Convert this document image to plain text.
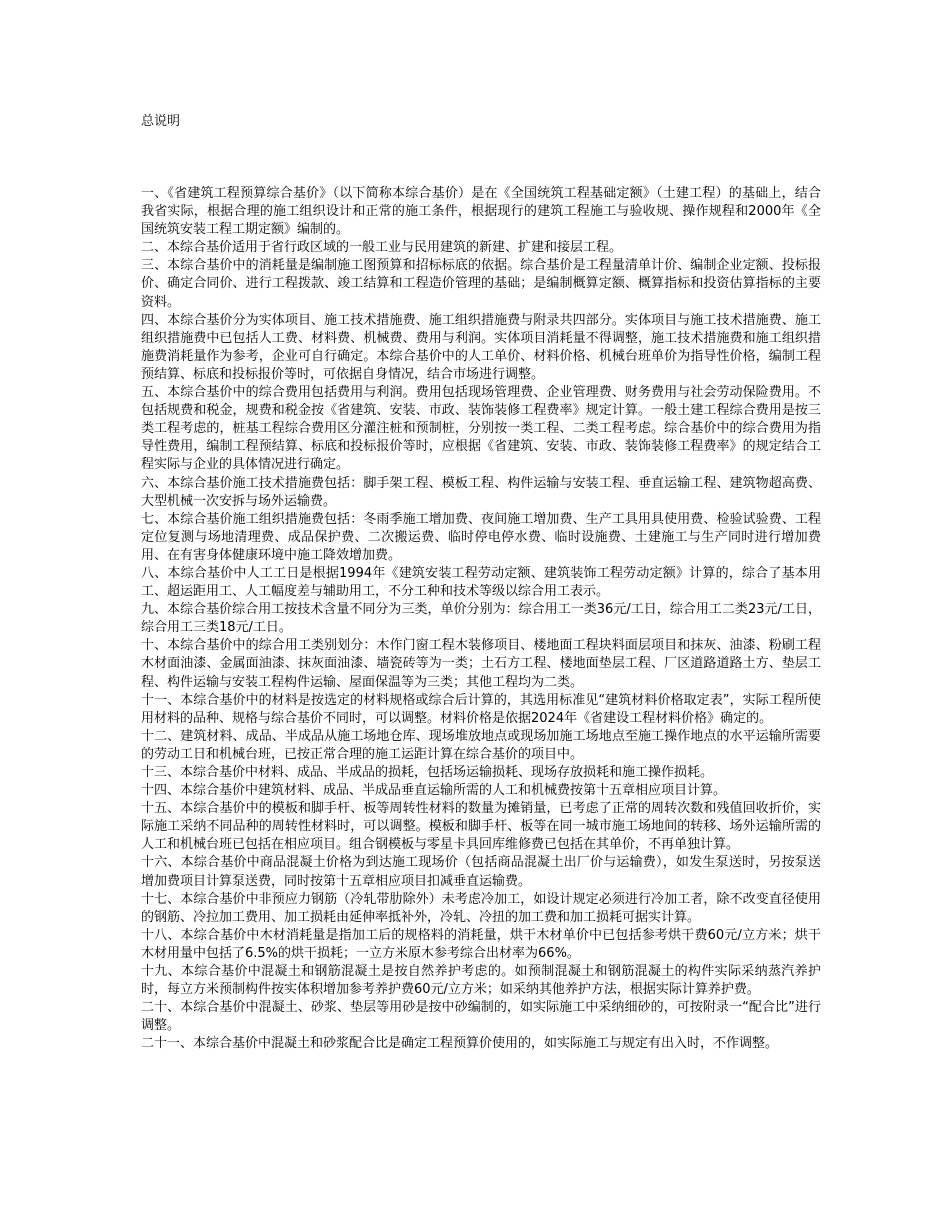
总说明

一、《省建筑工程预算综合基价》（以下简称本综合基价）是在《全国统筑工程基础定额》（土建工程）的基础上，结合我省实际，根据合理的施工组织设计和正常的施工条件，根据现行的建筑工程施工与验收规、操作规程和2000年《全国统筑安装工程工期定额》编制的。

二、本综合基价适用于省行政区域的一般工业与民用建筑的新建、扩建和接层工程。

三、本综合基价中的消耗量是编制施工图预算和招标标底的依据。综合基价是工程量清单计价、编制企业定额、投标报价、确定合同价、进行工程拨款、竣工结算和工程造价管理的基础；是编制概算定额、概算指标和投资估算指标的主要资料。

四、本综合基价分为实体项目、施工技术措施费、施工组织措施费与附录共四部分。实体项目与施工技术措施费、施工组织措施费中已包括人工费、材料费、机械费、费用与利润。实体项目消耗量不得调整，施工技术措施费和施工组织措施费消耗量作为参考，企业可自行确定。本综合基价中的人工单价、材料价格、机械台班单价为指导性价格，编制工程预结算、标底和投标报价等时，可依据自身情况，结合市场进行调整。

五、本综合基价中的综合费用包括费用与利润。费用包括现场管理费、企业管理费、财务费用与社会劳动保险费用。不包括规费和税金，规费和税金按《省建筑、安装、市政、装饰装修工程费率》规定计算。一般土建工程综合费用是按三类工程考虑的，桩基工程综合费用区分灌注桩和预制桩，分别按一类工程、二类工程考虑。综合基价中的综合费用为指导性费用，编制工程预结算、标底和投标报价等时，应根据《省建筑、安装、市政、装饰装修工程费率》的规定结合工程实际与企业的具体情况进行确定。

六、本综合基价施工技术措施费包括：脚手架工程、模板工程、构件运输与安装工程、垂直运输工程、建筑物超高费、大型机械一次安拆与场外运输费。

七、本综合基价施工组织措施费包括：冬雨季施工增加费、夜间施工增加费、生产工具用具使用费、检验试验费、工程定位复测与场地清理费、成品保护费、二次搬运费、临时停电停水费、临时设施费、土建施工与生产同时进行增加费用、在有害身体健康环境中施工降效增加费。

八、本综合基价中人工工日是根据1994年《建筑安装工程劳动定额、建筑装饰工程劳动定额》计算的，综合了基本用工、超运距用工、人工幅度差与辅助用工，不分工种和技术等级以综合用工表示。

九、本综合基价综合用工按技术含量不同分为三类，单价分别为：综合用工一类36元/工日，综合用工二类23元/工日，综合用工三类18元/工日。

十、本综合基价中的综合用工类别划分：木作门窗工程木装修项目、楼地面工程块料面层项目和抹灰、油漆、粉刷工程木材面油漆、金属面油漆、抹灰面油漆、墙瓷砖等为一类；土石方工程、楼地面垫层工程、厂区道路道路土方、垫层工程、构件运输与安装工程构件运输、屋面保温等为三类；其他工程均为二类。

十一、本综合基价中的材料是按选定的材料规格或综合后计算的，其选用标准见“建筑材料价格取定表”，实际工程所使用材料的品种、规格与综合基价不同时，可以调整。材料价格是依据2024年《省建设工程材料价格》确定的。

十二、建筑材料、成品、半成品从施工场地仓库、现场堆放地点或现场加施工场地点至施工操作地点的水平运输所需要的劳动工日和机械台班，已按正常合理的施工运距计算在综合基价的项目中。

十三、本综合基价中材料、成品、半成品的损耗，包括场运输损耗、现场存放损耗和施工操作损耗。

十四、本综合基价中建筑材料、成品、半成品垂直运输所需的人工和机械费按第十五章相应项目计算。

十五、本综合基价中的模板和脚手杆、板等周转性材料的数量为摊销量，已考虑了正常的周转次数和残值回收折价，实际施工采纳不同品种的周转性材料时，可以调整。模板和脚手杆、板等在同一城市施工场地间的转移、场外运输所需的人工和机械台班已包括在相应项目。组合钢模板与零星卡具回库维修费已包括在其单价，不再单独计算。

十六、本综合基价中商品混凝土价格为到达施工现场价（包括商品混凝土出厂价与运输费），如发生泵送时，另按泵送增加费项目计算泵送费，同时按第十五章相应项目扣减垂直运输费。

十七、本综合基价中非预应力钢筋（冷轧带肋除外）未考虑冷加工，如设计规定必须进行冷加工者，除不改变直径使用的钢筋、冷拉加工费用、加工损耗由延伸率抵补外，冷轧、冷扭的加工费和加工损耗可据实计算。

十八、本综合基价中木材消耗量是指加工后的规格料的消耗量，烘干木材单价中已包括参考烘干费60元/立方米；烘干木材用量中包括了6.5%的烘干损耗；一立方米原木参考综合出材率为66%。

十九、本综合基价中混凝土和钢筋混凝土是按自然养护考虑的。如预制混凝土和钢筋混凝土的构件实际采纳蒸汽养护时，每立方米预制构件按实体积增加参考养护费60元/立方米；如采纳其他养护方法，根据实际计算养护费。

二十、本综合基价中混凝土、砂浆、垫层等用砂是按中砂编制的，如实际施工中采纳细砂的，可按附录一“配合比”进行调整。

二十一、本综合基价中混凝土和砂浆配合比是确定工程预算价使用的，如实际施工与规定有出入时，不作调整。
